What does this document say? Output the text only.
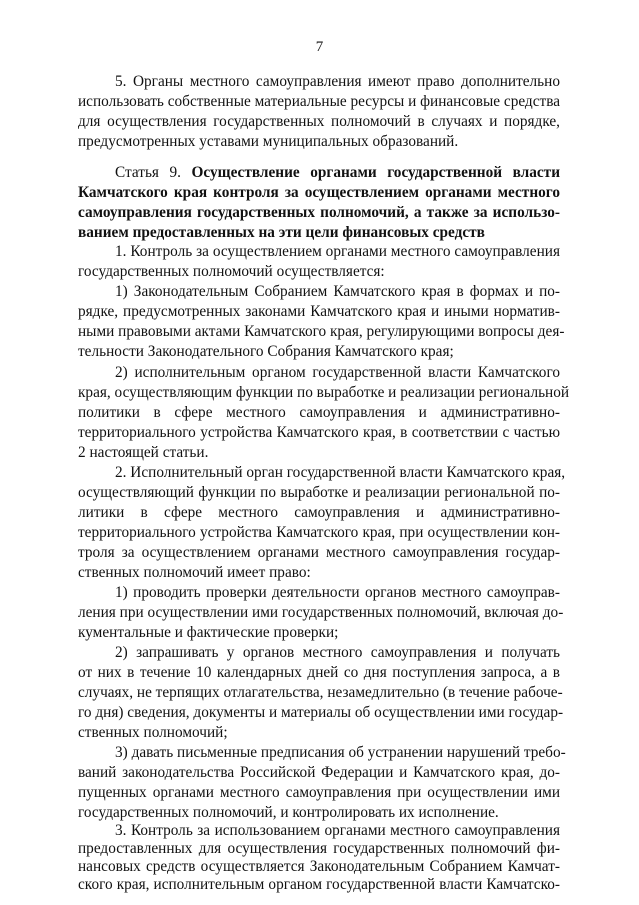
7
5. Органы местного самоуправления имеют право дополнительно
использовать собственные материальные ресурсы и финансовые средства
для осуществления государственных полномочий в случаях и порядке,
предусмотренных уставами муниципальных образований.
Статья 9. Осуществление органами государственной власти
Камчатского края контроля за осуществлением органами местного
самоуправления государственных полномочий, а также за использо-
ванием предоставленных на эти цели финансовых средств
1. Контроль за осуществлением органами местного самоуправления
государственных полномочий осуществляется:
1) Законодательным Собранием Камчатского края в формах и по-
рядке, предусмотренных законами Камчатского края и иными норматив-
ными правовыми актами Камчатского края, регулирующими вопросы дея-
тельности Законодательного Собрания Камчатского края;
2) исполнительным органом государственной власти Камчатского
края, осуществляющим функции по выработке и реализации региональной
политики в сфере местного самоуправления и административно-
территориального устройства Камчатского края, в соответствии с частью
2 настоящей статьи.
2. Исполнительный орган государственной власти Камчатского края,
осуществляющий функции по выработке и реализации региональной по-
литики в сфере местного самоуправления и административно-
территориального устройства Камчатского края, при осуществлении кон-
троля за осуществлением органами местного самоуправления государ-
ственных полномочий имеет право:
1) проводить проверки деятельности органов местного самоуправ-
ления при осуществлении ими государственных полномочий, включая до-
кументальные и фактические проверки;
2) запрашивать у органов местного самоуправления и получать
от них в течение 10 календарных дней со дня поступления запроса, а в
случаях, не терпящих отлагательства, незамедлительно (в течение рабоче-
го дня) сведения, документы и материалы об осуществлении ими государ-
ственных полномочий;
3) давать письменные предписания об устранении нарушений требо-
ваний законодательства Российской Федерации и Камчатского края, до-
пущенных органами местного самоуправления при осуществлении ими
государственных полномочий, и контролировать их исполнение.
3. Контроль за использованием органами местного самоуправления
предоставленных для осуществления государственных полномочий фи-
нансовых средств осуществляется Законодательным Собранием Камчат-
ского края, исполнительным органом государственной власти Камчатско-
